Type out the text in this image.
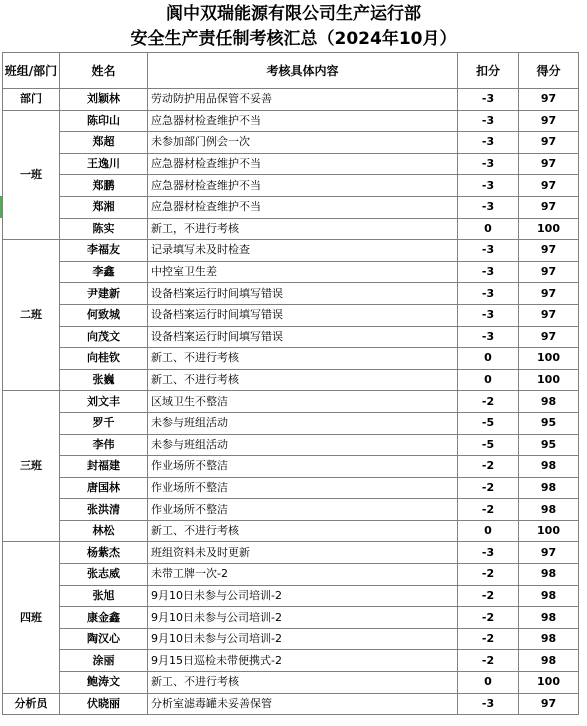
阆中双瑞能源有限公司生产运行部
安全生产责任制考核汇总（2024年10月）
班组/部门	姓名	考核具体内容	扣分	得分
部门	刘颖林	劳动防护用品保管不妥善	-3	97
一班	陈印山	应急器材检查维护不当	-3	97
	郑超	未参加部门例会一次	-3	97
	王逸川	应急器材检查维护不当	-3	97
	郑鹏	应急器材检查维护不当	-3	97
	郑湘	应急器材检查维护不当	-3	97
	陈实	新工，不进行考核	0	100
二班	李福友	记录填写未及时检查	-3	97
	李鑫	中控室卫生差	-3	97
	尹建新	设备档案运行时间填写错误	-3	97
	何致城	设备档案运行时间填写错误	-3	97
	向茂文	设备档案运行时间填写错误	-3	97
	向桂钦	新工、不进行考核	0	100
	张巍	新工、不进行考核	0	100
三班	刘文丰	区域卫生不整洁	-2	98
	罗千	未参与班组活动	-5	95
	李伟	未参与班组活动	-5	95
	封福建	作业场所不整洁	-2	98
	唐国林	作业场所不整洁	-2	98
	张洪清	作业场所不整洁	-2	98
	林松	新工、不进行考核	0	100
四班	杨紫杰	班组资料未及时更新	-3	97
	张志威	未带工牌一次-2	-2	98
	张旭	9月10日未参与公司培训-2	-2	98
	康金鑫	9月10日未参与公司培训-2	-2	98
	陶汉心	9月10日未参与公司培训-2	-2	98
	涂丽	9月15日巡检未带便携式-2	-2	98
	鲍涛文	新工、不进行考核	0	100
分析员	伏晓丽	分析室滤毒罐未妥善保管	-3	97
